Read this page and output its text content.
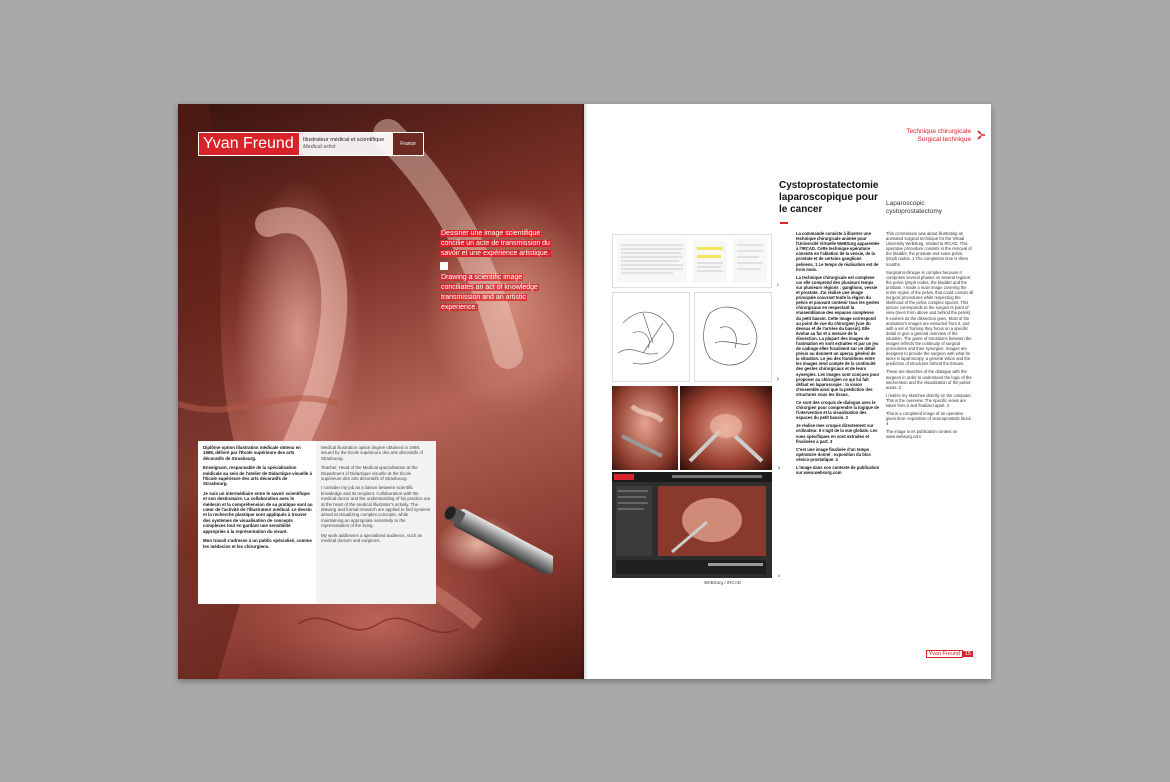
Yvan Freund	Illustrateur médical et scientifique
Medical artist	France
Dessiner une image scientifique concilie un acte de transmission du savoir et une expérience artistique.
Drawing a scientific image conciliates an act of knowledge transmission and an artistic experience.

Diplôme option illustration médicale obtenu en 1998, délivré par l'École supérieure des arts décoratifs de Strasbourg.

Enseignant, responsable de la spécialisation médicale au sein de l'atelier de Didactique visuelle à l'École supérieure des arts décoratifs de Strasbourg.

Je suis un intermédiaire entre le savoir scientifique et son destinataire. La collaboration avec le médecin et la compréhension de sa pratique sont au cœur de l'activité de l'illustrateur médical. Le dessin et la recherche plastique sont appliqués à trouver des systèmes de visualisation de concepts complexes tout en gardant une sensibilité appropriée à la représentation du vivant.

Mon travail s'adresse à un public spécialisé, comme les médecins et les chirurgiens.

Medical illustration option degree obtained in 1998, issued by the École supérieure des arts décoratifs of Strasbourg.

Teacher, Head of the Medical specialisation at the Department of Didactique visuelle at the École supérieure des arts décoratifs of Strasbourg.

I consider my job as a liaison between scientific knowledge and its recipient. Collaboration with the medical doctor and the understanding of his practice are at the heart of the medical illustrator's activity. The drawing and formal research are applied to find systems aimed at visualizing complex concepts, while maintaining an appropriate sensitivity to the representation of the living.

My work addresses a specialized audience, such as medical doctors and surgeons.

Technique chirurgicale
Surgical technique
Cystoprostatectomie laparoscopique pour le cancer
Laparoscopic cystoprostatectomy
1
2
3
4
WeBSurg / IRCAD

La commande consiste à illustrer une technique chirurgicale animée pour l'Université Virtuelle WeBSurg apparentée à l'IRCAD. Cette technique opératoire consiste en l'ablation de la vessie, de la prostate et de certains ganglions pelviens. 1 Le temps de réalisation est de trois mois.

La technique chirurgicale est complexe car elle comprend des plusieurs temps sur plusieurs régions : ganglions, vessie et prostate. J'ai réalisé une image principale couvrant toute la région du pelvis et pouvant contenir tous les gestes chirurgicaux en respectant la vraisemblance des espaces complexes du petit bassin. Cette image correspond au point de vue du chirurgien (vue du dessus et de l'arrière du bassin). Elle évolue au fur et à mesure de la dissection. La plupart des images de l'animation en sont extraites et par un jeu de cadrage elles focalisent sur un détail précis ou donnent un aperçu général de la situation. Le jeu des transitions entre les images rend compte de la continuité des gestes chirurgicaux et de leurs synergies. Les images sont conçues pour proposer au chirurgien ce qui lui fait défaut en laparoscopie : la vision d'ensemble ainsi que la prédiction des structures sous les tissus.

Ce sont des croquis de dialogue avec le chirurgien pour comprendre la logique de l'intervention et la visualisation des espaces du petit bassin. 2

Je réalise mes croquis directement sur ordinateur. Il s'agit de la vue globale. Les vues spécifiques en sont extraites et finalisées à part. 3

C'est une image finalisée d'un temps opératoire donné : exposition du bloc vésico-prostatique. 4

L'image dans son contexte de publication sur www.websurg.com

This commission was about illustrating an animated surgical technique for the Virtual University WeBSurg, related to IRCAD. This operative procedure consists in the removal of the bladder, the prostate and some pelvic lymph nodes. 1 The completion time is three months.

Surgical technique is complex because it comprises several phases on several regions: the pelvic lymph nodes, the bladder and the prostate. I made a main image covering the entire region of the pelvis, that could contain all surgical procedures while respecting the likelihood of the pelvic complex spaces. This picture corresponds to the surgeon's point of view (seen from above and behind the pelvis). It evolves as the dissection goes. Most of the animation's images are extracted from it, and with a set of framing they focus on a specific detail or give a general overview of the situation. The game of transitions between the images reflects the continuity of surgical procedures and their synergies. Images are designed to provide the surgeon with what he lacks in laparoscopy, a general vision and the prediction of structures behind the tissues.

These are sketches of the dialogue with the surgeon in order to understand the logic of the intervention and the visualization of the pelvis' areas. 2

I realize my sketches directly on the computer. This is the overview. The specific views are taken from it and finalized apart. 3

This is a completed image of an operative given time: exposition of vesicoprostatic block. 4

The image in its publication context on www.websurg.com

Yvan Freund 15
